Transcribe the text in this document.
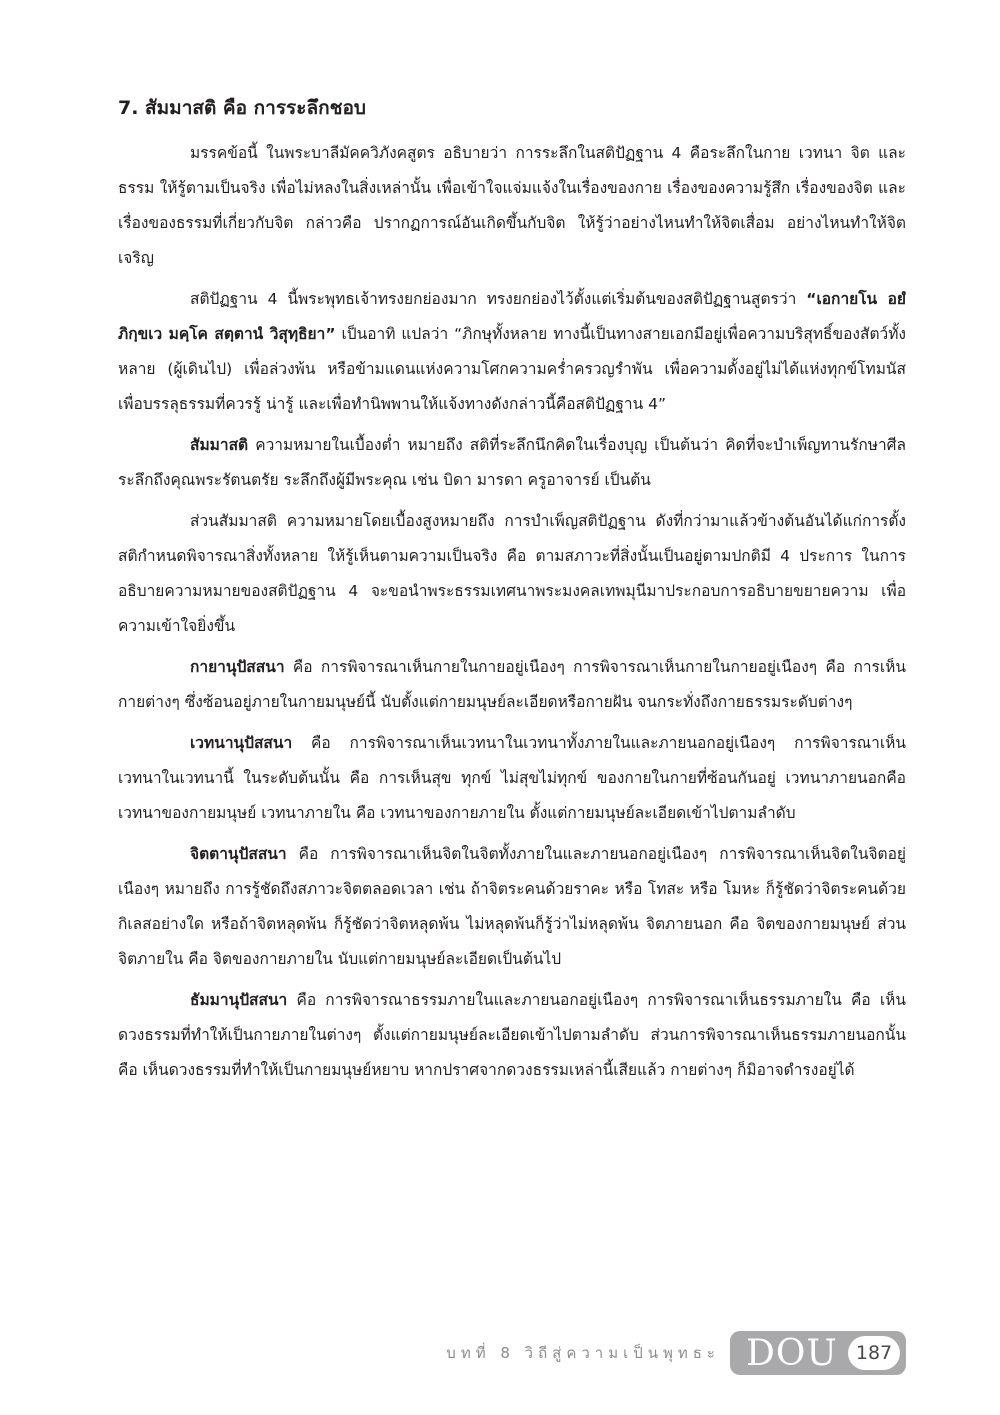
7. สัมมาสติ คือ การระลึกชอบ

มรรคข้อนี้ ในพระบาลีมัคควิภังคสูตร อธิบายว่า การระลึกในสติปัฏฐาน 4 คือระลึกในกาย เวทนา จิต และธรรม ให้รู้ตามเป็นจริง เพื่อไม่หลงในสิ่งเหล่านั้น เพื่อเข้าใจแจ่มแจ้งในเรื่องของกาย เรื่องของความรู้สึก เรื่องของจิต และเรื่องของธรรมที่เกี่ยวกับจิต กล่าวคือ ปรากฏการณ์อันเกิดขึ้นกับจิต ให้รู้ว่าอย่างไหนทำให้จิตเสื่อม อย่างไหนทำให้จิตเจริญ

สติปัฏฐาน 4 นี้พระพุทธเจ้าทรงยกย่องมาก ทรงยกย่องไว้ตั้งแต่เริ่มต้นของสติปัฏฐานสูตรว่า “เอกายโน อยํ ภิกฺขเว มคฺโค สตฺตานํ วิสุทฺธิยา” เป็นอาทิ แปลว่า “ภิกษุทั้งหลาย ทางนี้เป็นทางสายเอกมีอยู่เพื่อความบริสุทธิ์ของสัตว์ทั้งหลาย (ผู้เดินไป) เพื่อล่วงพ้น หรือข้ามแดนแห่งความโศกความคร่ำครวญรำพัน เพื่อความดั้งอยู่ไม่ได้แห่งทุกข์โทมนัส เพื่อบรรลุธรรมที่ควรรู้ น่ารู้ และเพื่อทำนิพพานให้แจ้งทางดังกล่าวนี้คือสติปัฏฐาน 4”

สัมมาสติ ความหมายในเบื้องต่ำ หมายถึง สติที่ระลึกนึกคิดในเรื่องบุญ เป็นต้นว่า คิดที่จะบำเพ็ญทานรักษาศีล ระลึกถึงคุณพระรัตนตรัย ระลึกถึงผู้มีพระคุณ เช่น บิดา มารดา ครูอาจารย์ เป็นต้น

ส่วนสัมมาสติ ความหมายโดยเบื้องสูงหมายถึง การบำเพ็ญสติปัฏฐาน ดังที่กว่ามาแล้วข้างต้นอันได้แก่การตั้งสติกำหนดพิจารณาสิ่งทั้งหลาย ให้รู้เห็นตามความเป็นจริง คือ ตามสภาวะที่สิ่งนั้นเป็นอยู่ตามปกติมี 4 ประการ ในการอธิบายความหมายของสติปัฏฐาน 4 จะขอนำพระธรรมเทศนาพระมงคลเทพมุนีมาประกอบการอธิบายขยายความ เพื่อความเข้าใจยิ่งขึ้น

กายานุปัสสนา คือ การพิจารณาเห็นกายในกายอยู่เนืองๆ การพิจารณาเห็นกายในกายอยู่เนืองๆ คือ การเห็นกายต่างๆ ซึ่งซ้อนอยู่ภายในกายมนุษย์นี้ นับตั้งแต่กายมนุษย์ละเอียดหรือกายฝัน จนกระทั่งถึงกายธรรมระดับต่างๆ

เวทนานุปัสสนา คือ การพิจารณาเห็นเวทนาในเวทนาทั้งภายในและภายนอกอยู่เนืองๆ การพิจารณาเห็นเวทนาในเวทนานี้ ในระดับต้นนั้น คือ การเห็นสุข ทุกข์ ไม่สุขไม่ทุกข์ ของกายในกายที่ซ้อนกันอยู่ เวทนาภายนอกคือเวทนาของกายมนุษย์ เวทนาภายใน คือ เวทนาของกายภายใน ตั้งแต่กายมนุษย์ละเอียดเข้าไปตามลำดับ

จิตตานุปัสสนา คือ การพิจารณาเห็นจิตในจิตทั้งภายในและภายนอกอยู่เนืองๆ การพิจารณาเห็นจิตในจิตอยู่เนืองๆ หมายถึง การรู้ชัดถึงสภาวะจิตตลอดเวลา เช่น ถ้าจิตระคนด้วยราคะ หรือ โทสะ หรือ โมหะ ก็รู้ชัดว่าจิตระคนด้วยกิเลสอย่างใด หรือถ้าจิตหลุดพ้น ก็รู้ชัดว่าจิตหลุดพ้น ไม่หลุดพ้นก็รู้ว่าไม่หลุดพ้น จิตภายนอก คือ จิตของกายมนุษย์ ส่วนจิตภายใน คือ จิตของกายภายใน นับแต่กายมนุษย์ละเอียดเป็นต้นไป

ธัมมานุปัสสนา คือ การพิจารณาธรรมภายในและภายนอกอยู่เนืองๆ การพิจารณาเห็นธรรมภายใน คือ เห็นดวงธรรมที่ทำให้เป็นกายภายในต่างๆ ตั้งแต่กายมนุษย์ละเอียดเข้าไปตามลำดับ ส่วนการพิจารณาเห็นธรรมภายนอกนั้นคือ เห็นดวงธรรมที่ทำให้เป็นกายมนุษย์หยาบ หากปราศจากดวงธรรมเหล่านี้เสียแล้ว กายต่างๆ ก็มิอาจดำรงอยู่ได้

บทที่ 8 วิถีสู่ความเป็นพุทธะ DOU 187
